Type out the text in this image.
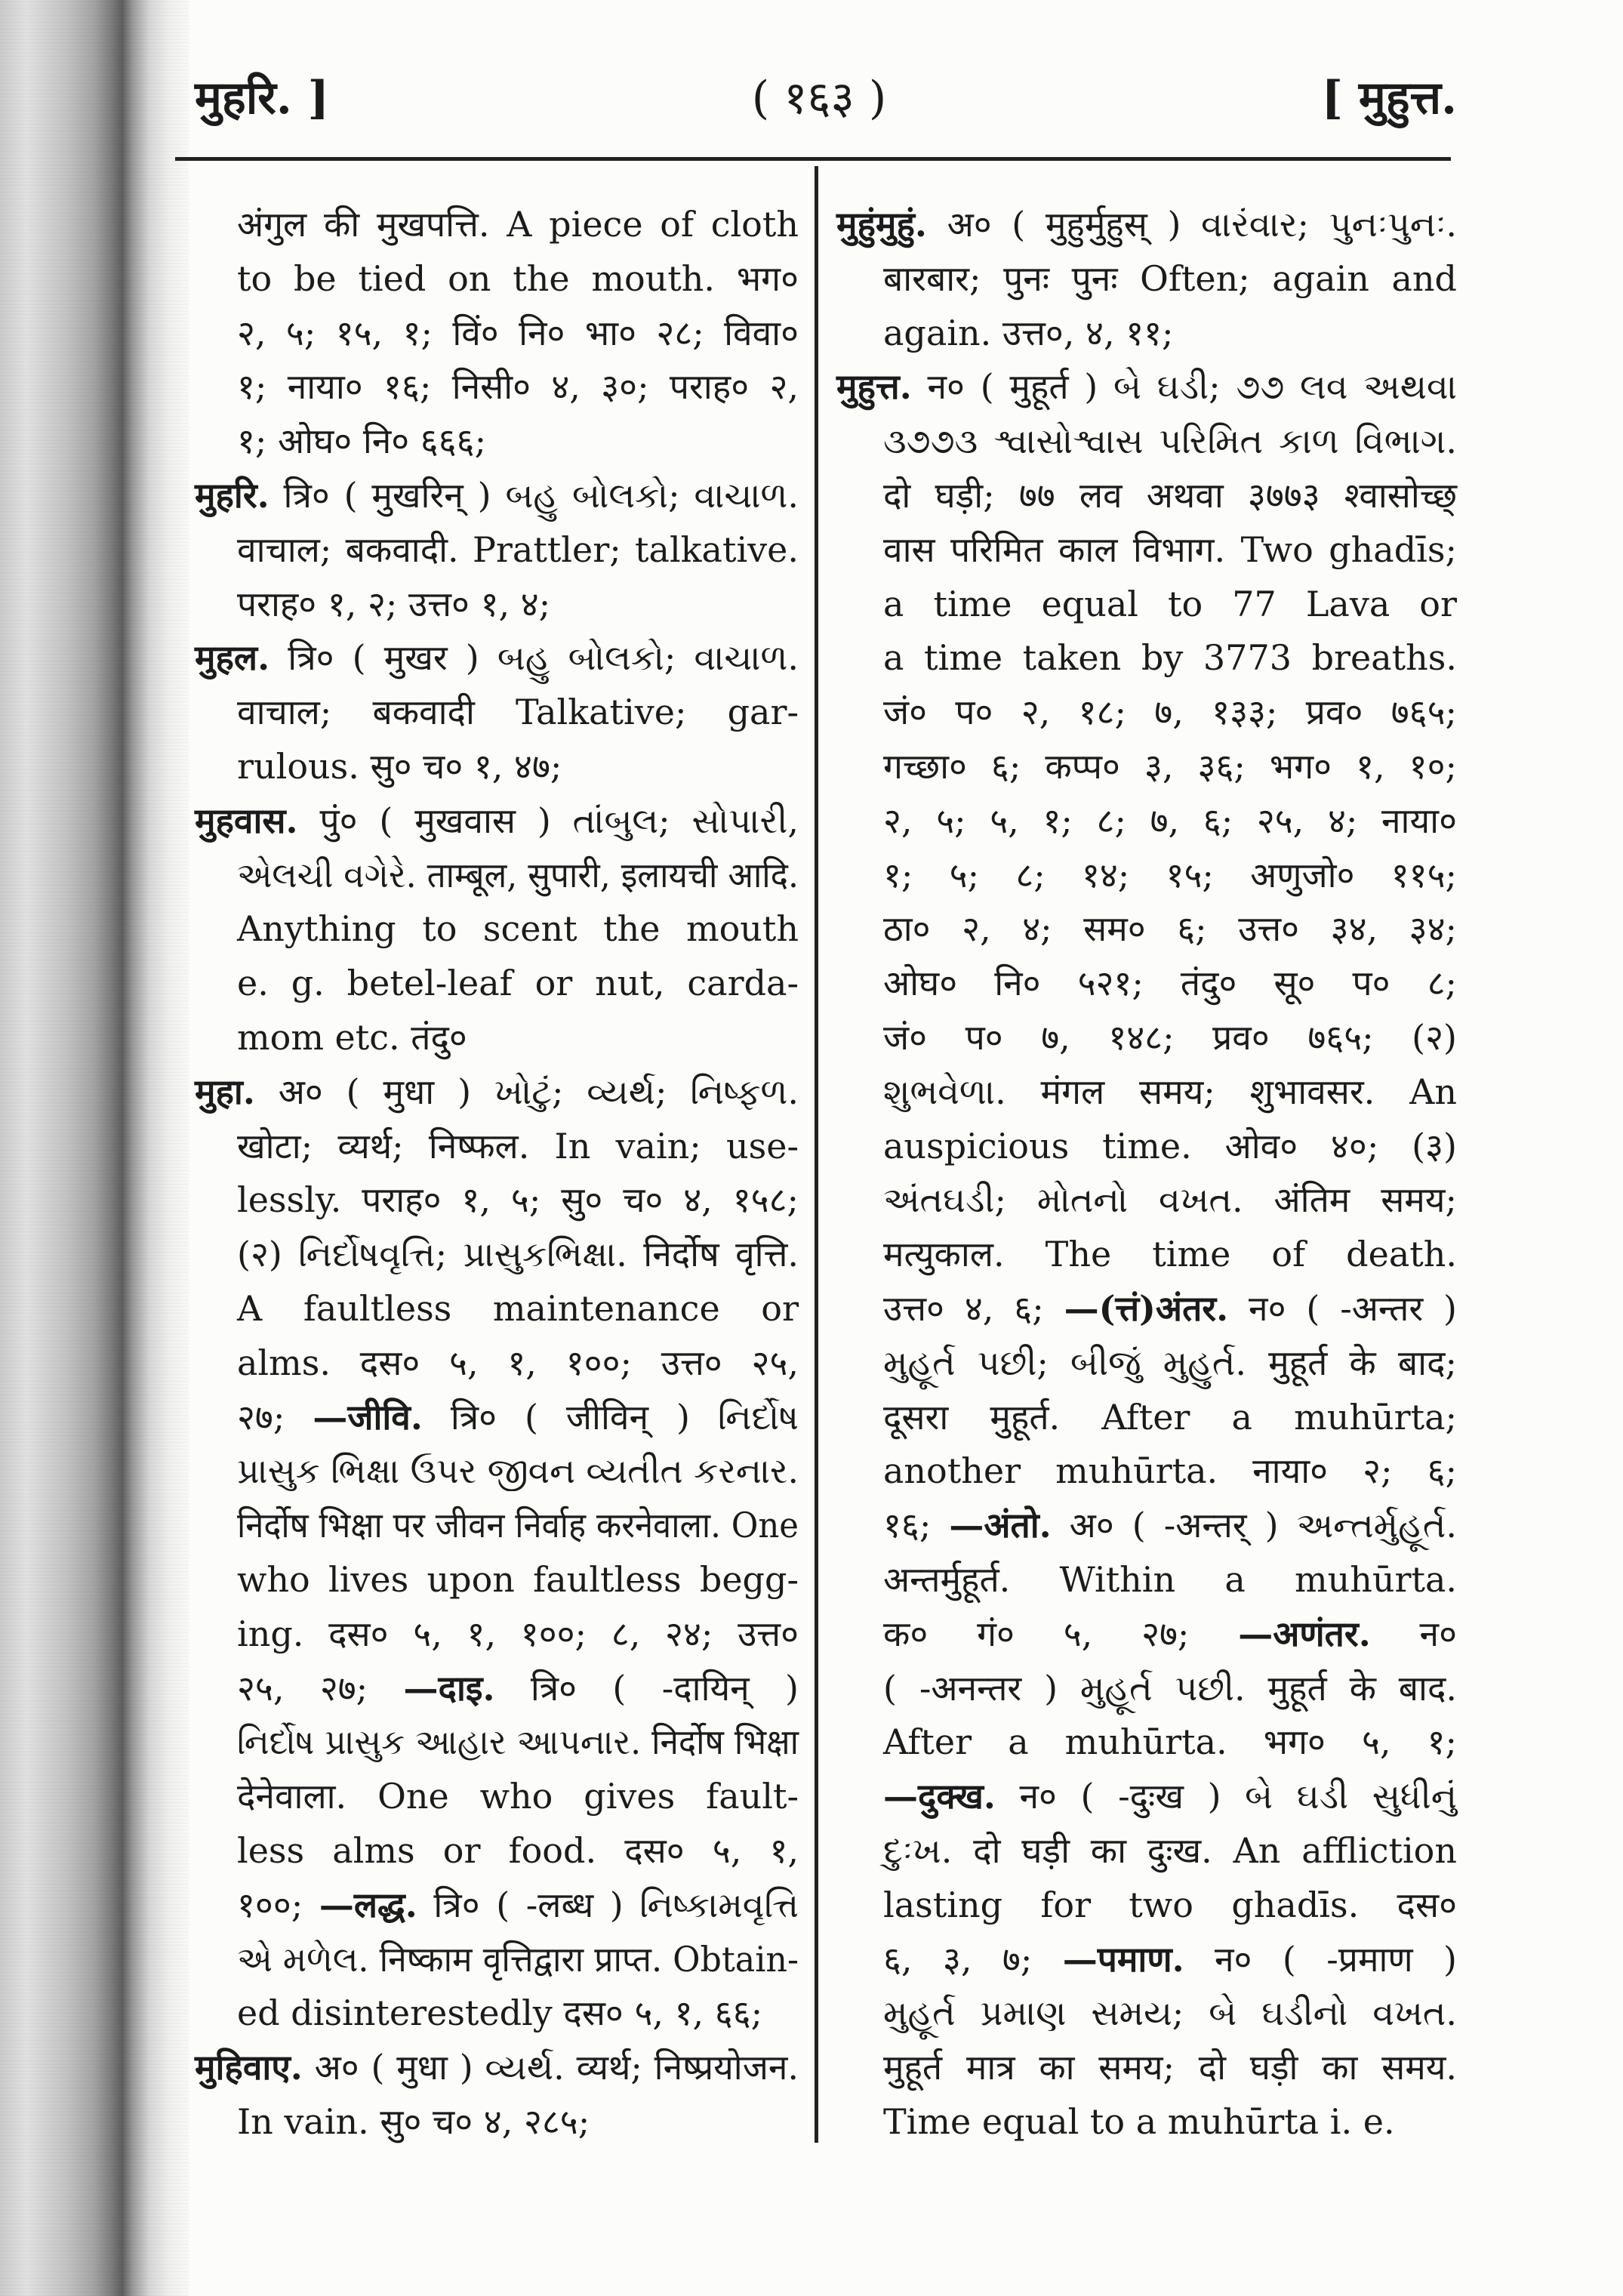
मुहरि. ]	( १६३ )	[ मुहुत्त.
अंगुल की मुखपत्ति. A piece of cloth
to be tied on the mouth. भग०
२, ५; १५, १; विं० नि० भा० २८; विवा०
१; नाया० १६; निसी० ४, ३०; पराह० २,
१; ओघ० नि० ६६६;
मुहरि. त्रि० ( मुखरिन् ) બહુ બોલકો; વાચાળ.
वाचाल; बकवादी. Prattler; talkative.
पराह० १, २; उत्त० १, ४;
मुहल. त्रि० ( मुखर ) બહુ બોલકો; વાચાળ.
वाचाल; बकवादी Talkative; gar-
rulous. सु० च० १, ४७;
मुहवास. पुं० ( मुखवास ) તાંબુલ; સોપારી,
એલચી વગેરે. ताम्बूल, सुपारी, इलायची आदि.
Anything to scent the mouth
e. g. betel-leaf or nut, carda-
mom etc. तंदु०
मुहा. अ० ( मुधा ) ખોટું; વ્યર્થ; નિષ્ફળ.
खोटा; व्यर्थ; निष्फल. In vain; use-
lessly. पराह० १, ५; सु० च० ४, १५८;
(२) નિર્દોષવૃત્તિ; પ્રાસુકભિક્ષા. निर्दोष वृत्ति.
A faultless maintenance or
alms. दस० ५, १, १००; उत्त० २५,
२७; —जीवि. त्रि० ( जीविन् ) નિર્દોષ
પ્રાસુક ભિક્ષા ઉપર જીવન વ્યતીત કરનાર.
निर्दोष भिक्षा पर जीवन निर्वाह करनेवाला. One
who lives upon faultless begg-
ing. दस० ५, १, १००; ८, २४; उत्त०
२५, २७; —दाइ. त्रि० ( -दायिन् )
નિર્દોષ પ્રાસુક આહાર આપનાર. निर्दोष भिक्षा
देनेवाला. One who gives fault-
less alms or food. दस० ५, १,
१००; —लद्ध. त्रि० ( -लब्ध ) નિષ્કામવૃત્તિ
એ મળેલ. निष्काम वृत्तिद्वारा प्राप्त. Obtain-
ed disinterestedly दस० ५, १, ६६;
मुहिवाए. अ० ( मुधा ) વ્યર્થ. व्यर्थ; निष्प्रयोजन.
In vain. सु० च० ४, २८५;
मुहुंमुहुं. अ० ( मुहुर्मुहुस् ) વારંવાર; પુનઃપુનઃ.
बारबार; पुनः पुनः Often; again and
again. उत्त०, ४, ११;
मुहुत्त. न० ( मुहूर्त ) બે ઘડી; ૭૭ લવ અથવા
૩૭૭૩ શ્વાસોશ્વાસ પરિમિત કાળ વિભાગ.
दो घड़ी; ७७ लव अथवा ३७७३ श्वासोच्छ्
वास परिमित काल विभाग. Two ghadīs;
a time equal to 77 Lava or
a time taken by 3773 breaths.
जं० प० २, १८; ७, १३३; प्रव० ७६५;
गच्छा० ६; कप्प० ३, ३६; भग० १, १०;
२, ५; ५, १; ८; ७, ६; २५, ४; नाया०
१; ५; ८; १४; १५; अणुजो० ११५;
ठा० २, ४; सम० ६; उत्त० ३४, ३४;
ओघ० नि० ५२१; तंदु० सू० प० ८;
जं० प० ७, १४८; प्रव० ७६५; (२)
શુભવેળા. मंगल समय; शुभावसर. An
auspicious time. ओव० ४०; (३)
અંતઘડી; મોતનો વખત. अंतिम समय;
मत्युकाल. The time of death.
उत्त० ४, ६; —(त्तं)अंतर. न० ( -अन्तर )
મુહૂર્ત પછી; બીજું મુહુર્ત. मुहूर्त के बाद;
दूसरा मुहूर्त. After a muhūrta;
another muhūrta. नाया० २; ६;
१६; —अंतो. अ० ( -अन्तर् ) અન્તર્મુહૂર્ત.
अन्तर्मुहूर्त. Within a muhūrta.
क० गं० ५, २७; —अणंतर. न०
( -अनन्तर ) મુહૂર્ત પછી. मुहूर्त के बाद.
After a muhūrta. भग० ५, १;
—दुक्ख. न० ( -दुःख ) બે ઘડી સુધીનું
દુઃખ. दो घड़ी का दुःख. An affliction
lasting for two ghadīs. दस०
६, ३, ७; —पमाण. न० ( -प्रमाण )
મુહૂર્ત પ્રમાણ સમય; બે ઘડીનો વખત.
मुहूर्त मात्र का समय; दो घड़ी का समय.
Time equal to a muhūrta i. e.
